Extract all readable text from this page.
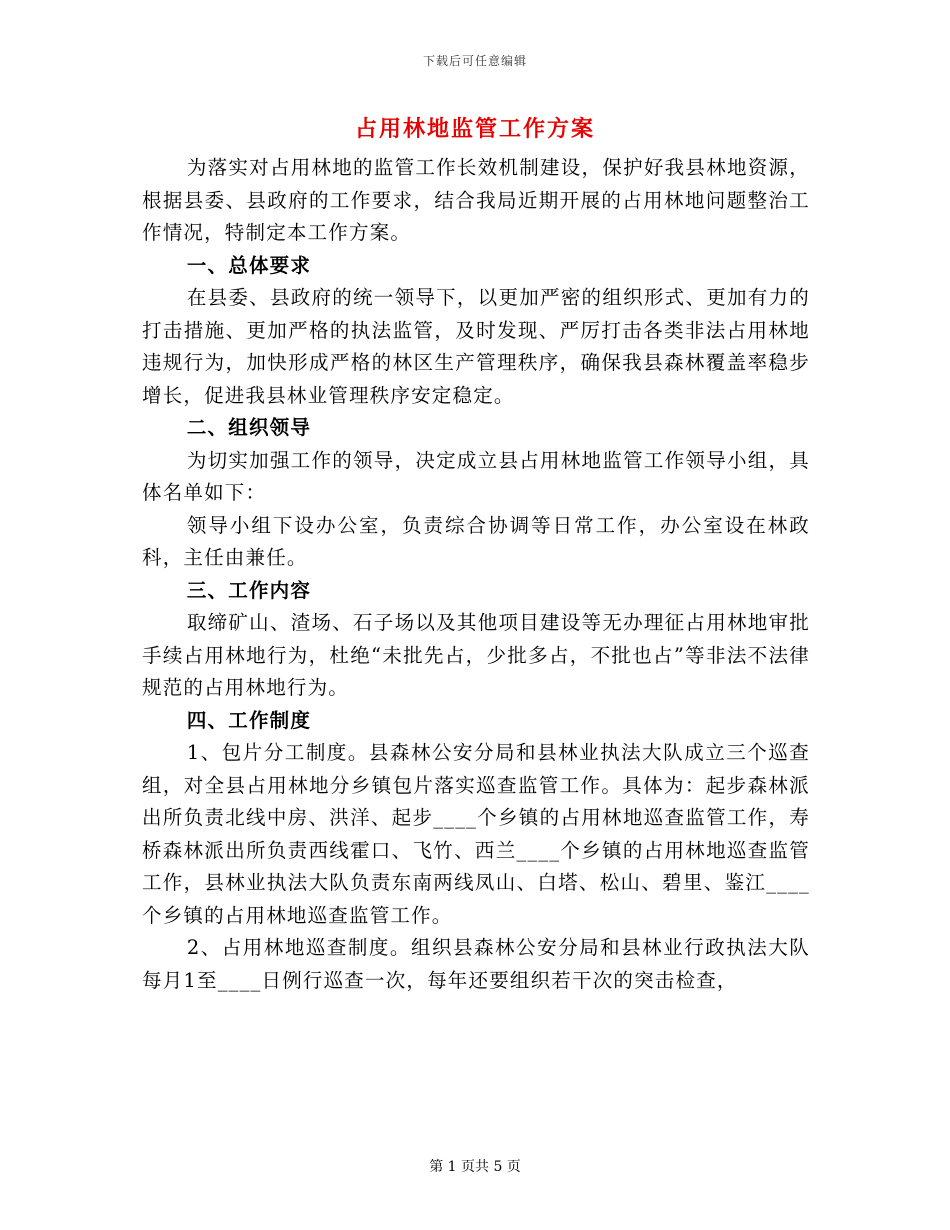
下载后可任意编辑
占用林地监管工作方案

为落实对占用林地的监管工作长效机制建设，保护好我县林地资源，根据县委、县政府的工作要求，结合我局近期开展的占用林地问题整治工作情况，特制定本工作方案。

一、总体要求

在县委、县政府的统一领导下，以更加严密的组织形式、更加有力的打击措施、更加严格的执法监管，及时发现、严厉打击各类非法占用林地违规行为，加快形成严格的林区生产管理秩序，确保我县森林覆盖率稳步增长，促进我县林业管理秩序安定稳定。

二、组织领导

为切实加强工作的领导，决定成立县占用林地监管工作领导小组，具体名单如下：

领导小组下设办公室，负责综合协调等日常工作，办公室设在林政科，主任由兼任。

三、工作内容

取缔矿山、渣场、石子场以及其他项目建设等无办理征占用林地审批手续占用林地行为，杜绝“未批先占，少批多占，不批也占”等非法不法律规范的占用林地行为。

四、工作制度

1、包片分工制度。县森林公安分局和县林业执法大队成立三个巡查组，对全县占用林地分乡镇包片落实巡查监管工作。具体为：起步森林派出所负责北线中房、洪洋、起步____个乡镇的占用林地巡查监管工作，寿桥森林派出所负责西线霍口、飞竹、西兰____个乡镇的占用林地巡查监管工作，县林业执法大队负责东南两线凤山、白塔、松山、碧里、鉴江____个乡镇的占用林地巡查监管工作。

2、占用林地巡查制度。组织县森林公安分局和县林业行政执法大队每月1至____日例行巡查一次，每年还要组织若干次的突击检查，

第 1 页共 5 页
